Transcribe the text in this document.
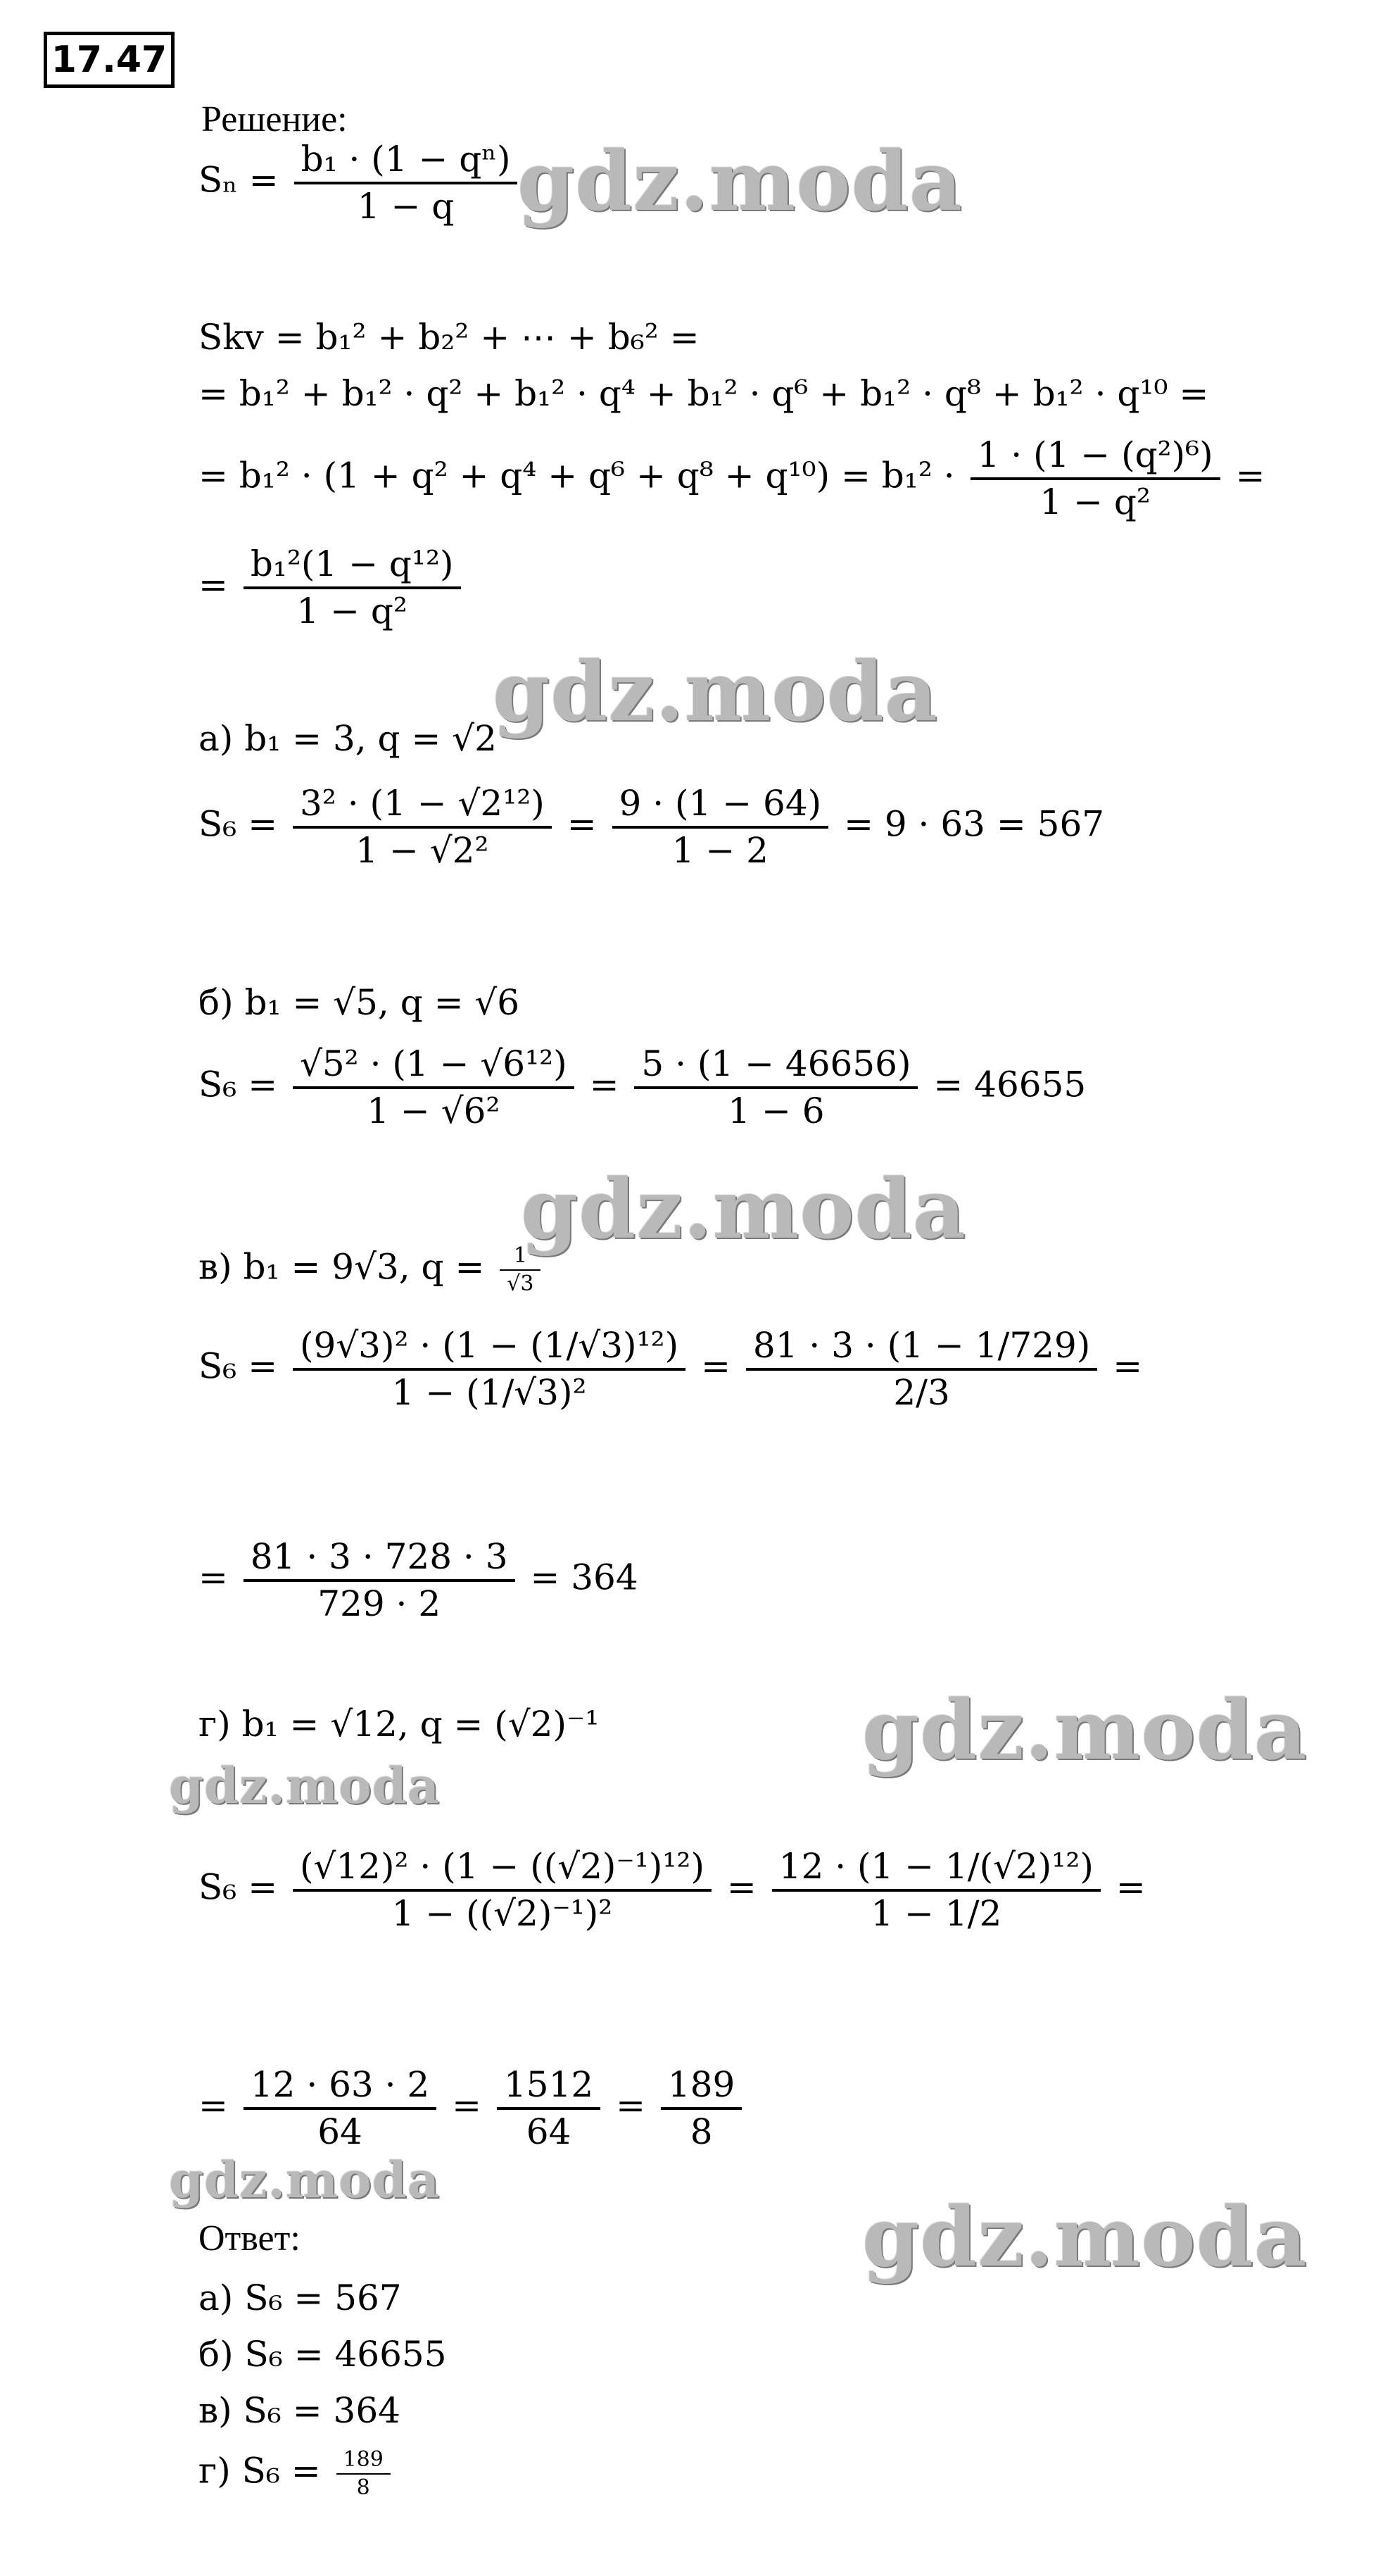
17.47
Решение:
$S_n = \frac{\text{b₁ · (1 − qⁿ)}}{1 - q}$
Skv = b₁² + b₂² + ⋯ + b₆² =
= b₁² + b₁² · q² + b₁² · q⁴ + b₁² · q⁶ + b₁² · q⁸ + b₁² · q¹⁰ =
= $b_1^2 \cdot (1 + q^2 + q^4 + q^6 + q^8 + q^{10}) = b_1^2 \cdot \frac{\text{1 · (1 − (q²)⁶)}}{\text{1 − q²}}$ =
= $\frac{\text{b₁²(1 − q¹²)}}{\text{1 − q²}}$
а) b₁ = 3, q = √2
$S_6 = \frac{\text{3² · (1 − √2¹²)}}{\text{1 − √2²}} = \frac{9 \cdot (1 - 64)}{1 - 2} = 9 \cdot 63 = 567$
б) b₁ = √5, q = √6
$S_6 = \frac{\text{√5² · (1 − √6¹²)}}{\text{1 − √6²}} = \frac{5 \cdot (1 - 46656)}{1 - 6} = 46655$
в) b₁ = 9√3, $q = \frac{1}{√3}$
$S_6 = \frac{\text{(9√3)² · (1 − (1/√3)¹²)}}{\text{1 − (1/√3)²}} = \frac{81 \cdot 3 \cdot (1 - 1/729)}{2/3}$ =
= $\frac{81 \cdot 3 \cdot 728 \cdot 3}{729 \cdot 2} = 364$
г) b₁ = √12, q = (√2)⁻¹
$S_6 = \frac{\text{(√12)² · (1 − ((√2)⁻¹)¹²)}}{\text{1 − ((√2)⁻¹)²}} = \frac{\text{12 · (1 − 1/(√2)¹²)}}{1 - 1/2}$ =
= $\frac{12 \cdot 63 \cdot 2}{64} = \frac{1512}{64} = \frac{189}{8}$
Ответ:
а) S₆ = 567
б) S₆ = 46655
в) S₆ = 364
г) $S_6 = \frac{189}{8}$
gdz.moda
gdz.moda
gdz.moda
gdz.moda
gdz.moda
gdz.moda
gdz.moda
